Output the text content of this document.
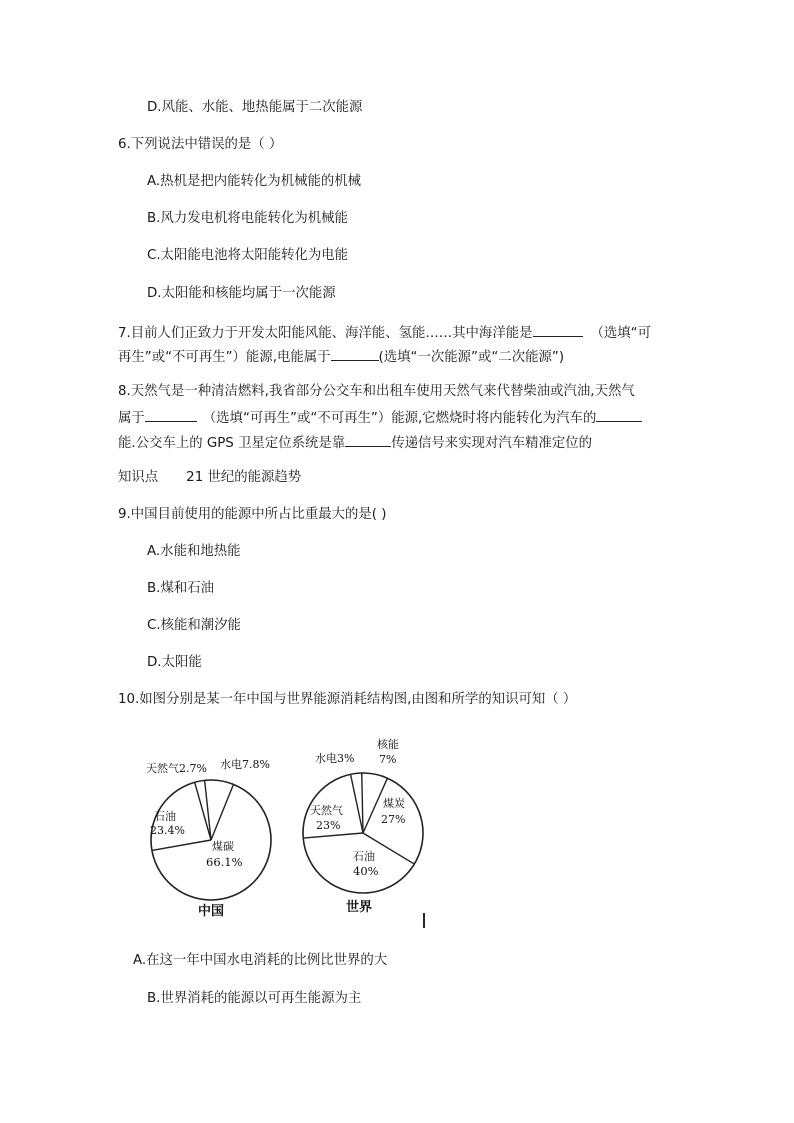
D.风能、水能、地热能属于二次能源
6.下列说法中错误的是（ ）
A.热机是把内能转化为机械能的机械
B.风力发电机将电能转化为机械能
C.太阳能电池将太阳能转化为电能
D.太阳能和核能均属于一次能源
7.目前人们正致力于开发太阳能风能、海洋能、氢能……其中海洋能是	（选填“可
再生”或“不可再生”）能源,电能属于	(选填“一次能源”或“二次能源”)
8.天然气是一种清洁燃料,我省部分公交车和出租车使用天然气来代替柴油或汽油,天然气
属于	（选填“可再生”或“不可再生”）能源,它燃烧时将内能转化为汽车的
能.公交车上的 GPS 卫星定位系统是靠	传递信号来实现对汽车精准定位的
知识点 21 世纪的能源趋势
9.中国目前使用的能源中所占比重最大的是( )
A.水能和地热能
B.煤和石油
C.核能和潮汐能
D.太阳能
10.如图分别是某一年中国与世界能源消耗结构图,由图和所学的知识可知（ ）
天然气2.7% 水电7.8%
石油
23.4%
煤碳
66.1%
中国
水电3%
核能
7%
天然气
23%
煤炭
27%
石油
40%
世界
A.在这一年中国水电消耗的比例比世界的大
B.世界消耗的能源以可再生能源为主
